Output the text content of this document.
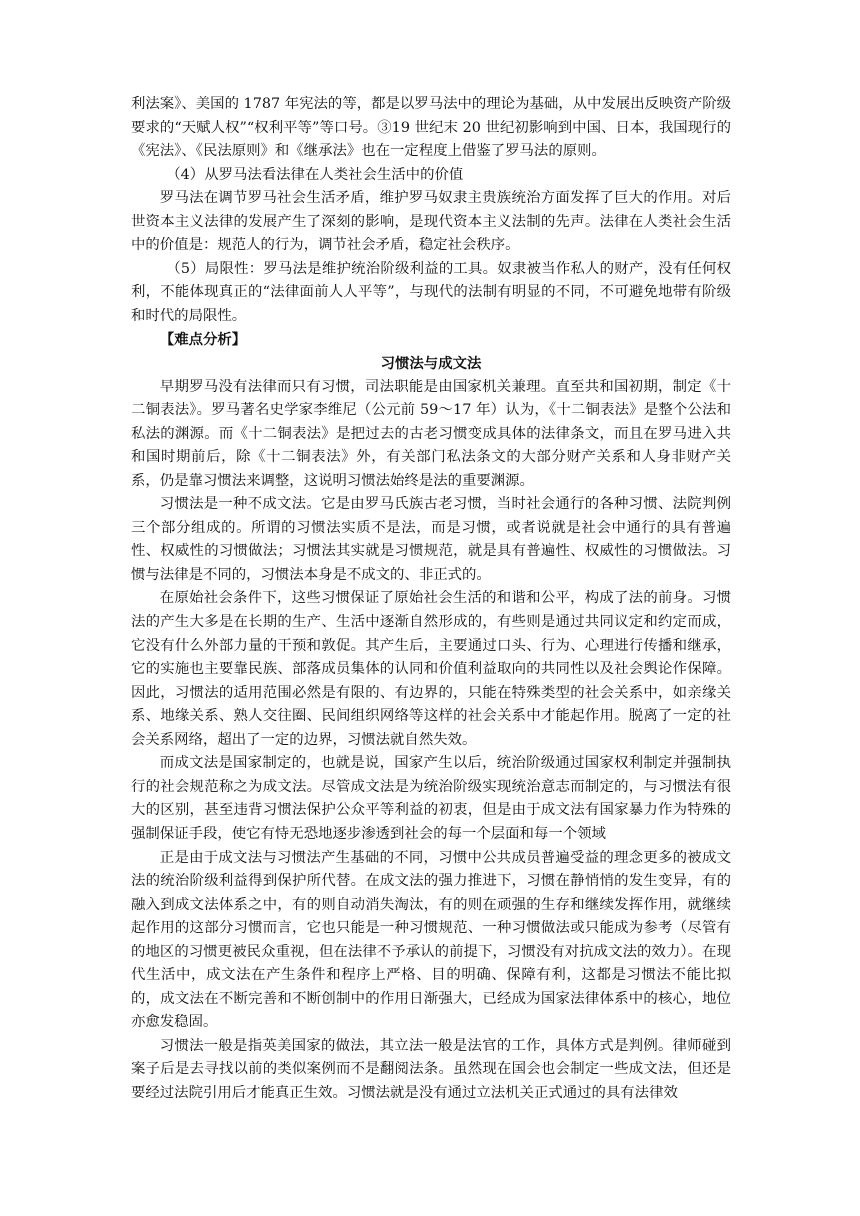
利法案》、美国的 1787 年宪法的等，都是以罗马法中的理论为基础，从中发展出反映资产阶级要求的“天赋人权”“权利平等”等口号。③19 世纪末 20 世纪初影响到中国、日本，我国现行的《宪法》、《民法原则》和《继承法》也在一定程度上借鉴了罗马法的原则。

（4）从罗马法看法律在人类社会生活中的价值

罗马法在调节罗马社会生活矛盾，维护罗马奴隶主贵族统治方面发挥了巨大的作用。对后世资本主义法律的发展产生了深刻的影响，是现代资本主义法制的先声。法律在人类社会生活中的价值是：规范人的行为，调节社会矛盾，稳定社会秩序。

（5）局限性：罗马法是维护统治阶级利益的工具。奴隶被当作私人的财产，没有任何权利，不能体现真正的“法律面前人人平等”，与现代的法制有明显的不同，不可避免地带有阶级和时代的局限性。

【难点分析】

习惯法与成文法

早期罗马没有法律而只有习惯，司法职能是由国家机关兼理。直至共和国初期，制定《十二铜表法》。罗马著名史学家李维尼（公元前 59～17 年）认为，《十二铜表法》是整个公法和私法的渊源。而《十二铜表法》是把过去的古老习惯变成具体的法律条文，而且在罗马进入共和国时期前后，除《十二铜表法》外，有关部门私法条文的大部分财产关系和人身非财产关系，仍是靠习惯法来调整，这说明习惯法始终是法的重要渊源。

习惯法是一种不成文法。它是由罗马氏族古老习惯，当时社会通行的各种习惯、法院判例三个部分组成的。所谓的习惯法实质不是法，而是习惯，或者说就是社会中通行的具有普遍性、权威性的习惯做法；习惯法其实就是习惯规范，就是具有普遍性、权威性的习惯做法。习惯与法律是不同的，习惯法本身是不成文的、非正式的。

在原始社会条件下，这些习惯保证了原始社会生活的和谐和公平，构成了法的前身。习惯法的产生大多是在长期的生产、生活中逐渐自然形成的，有些则是通过共同议定和约定而成，它没有什么外部力量的干预和敦促。其产生后，主要通过口头、行为、心理进行传播和继承，它的实施也主要靠民族、部落成员集体的认同和价值利益取向的共同性以及社会舆论作保障。因此，习惯法的适用范围必然是有限的、有边界的，只能在特殊类型的社会关系中，如亲缘关系、地缘关系、熟人交往圈、民间组织网络等这样的社会关系中才能起作用。脱离了一定的社会关系网络，超出了一定的边界，习惯法就自然失效。

而成文法是国家制定的，也就是说，国家产生以后，统治阶级通过国家权利制定并强制执行的社会规范称之为成文法。尽管成文法是为统治阶级实现统治意志而制定的，与习惯法有很大的区别，甚至违背习惯法保护公众平等利益的初衷，但是由于成文法有国家暴力作为特殊的强制保证手段，使它有恃无恐地逐步渗透到社会的每一个层面和每一个领域

正是由于成文法与习惯法产生基础的不同，习惯中公共成员普遍受益的理念更多的被成文法的统治阶级利益得到保护所代替。在成文法的强力推进下，习惯在静悄悄的发生变异，有的融入到成文法体系之中，有的则自动消失淘汰，有的则在顽强的生存和继续发挥作用，就继续起作用的这部分习惯而言，它也只能是一种习惯规范、一种习惯做法或只能成为参考（尽管有的地区的习惯更被民众重视，但在法律不予承认的前提下，习惯没有对抗成文法的效力）。在现代生活中，成文法在产生条件和程序上严格、目的明确、保障有利，这都是习惯法不能比拟的，成文法在不断完善和不断创制中的作用日渐强大，已经成为国家法律体系中的核心，地位亦愈发稳固。

习惯法一般是指英美国家的做法，其立法一般是法官的工作，具体方式是判例。律师碰到案子后是去寻找以前的类似案例而不是翻阅法条。虽然现在国会也会制定一些成文法，但还是要经过法院引用后才能真正生效。习惯法就是没有通过立法机关正式通过的具有法律效
